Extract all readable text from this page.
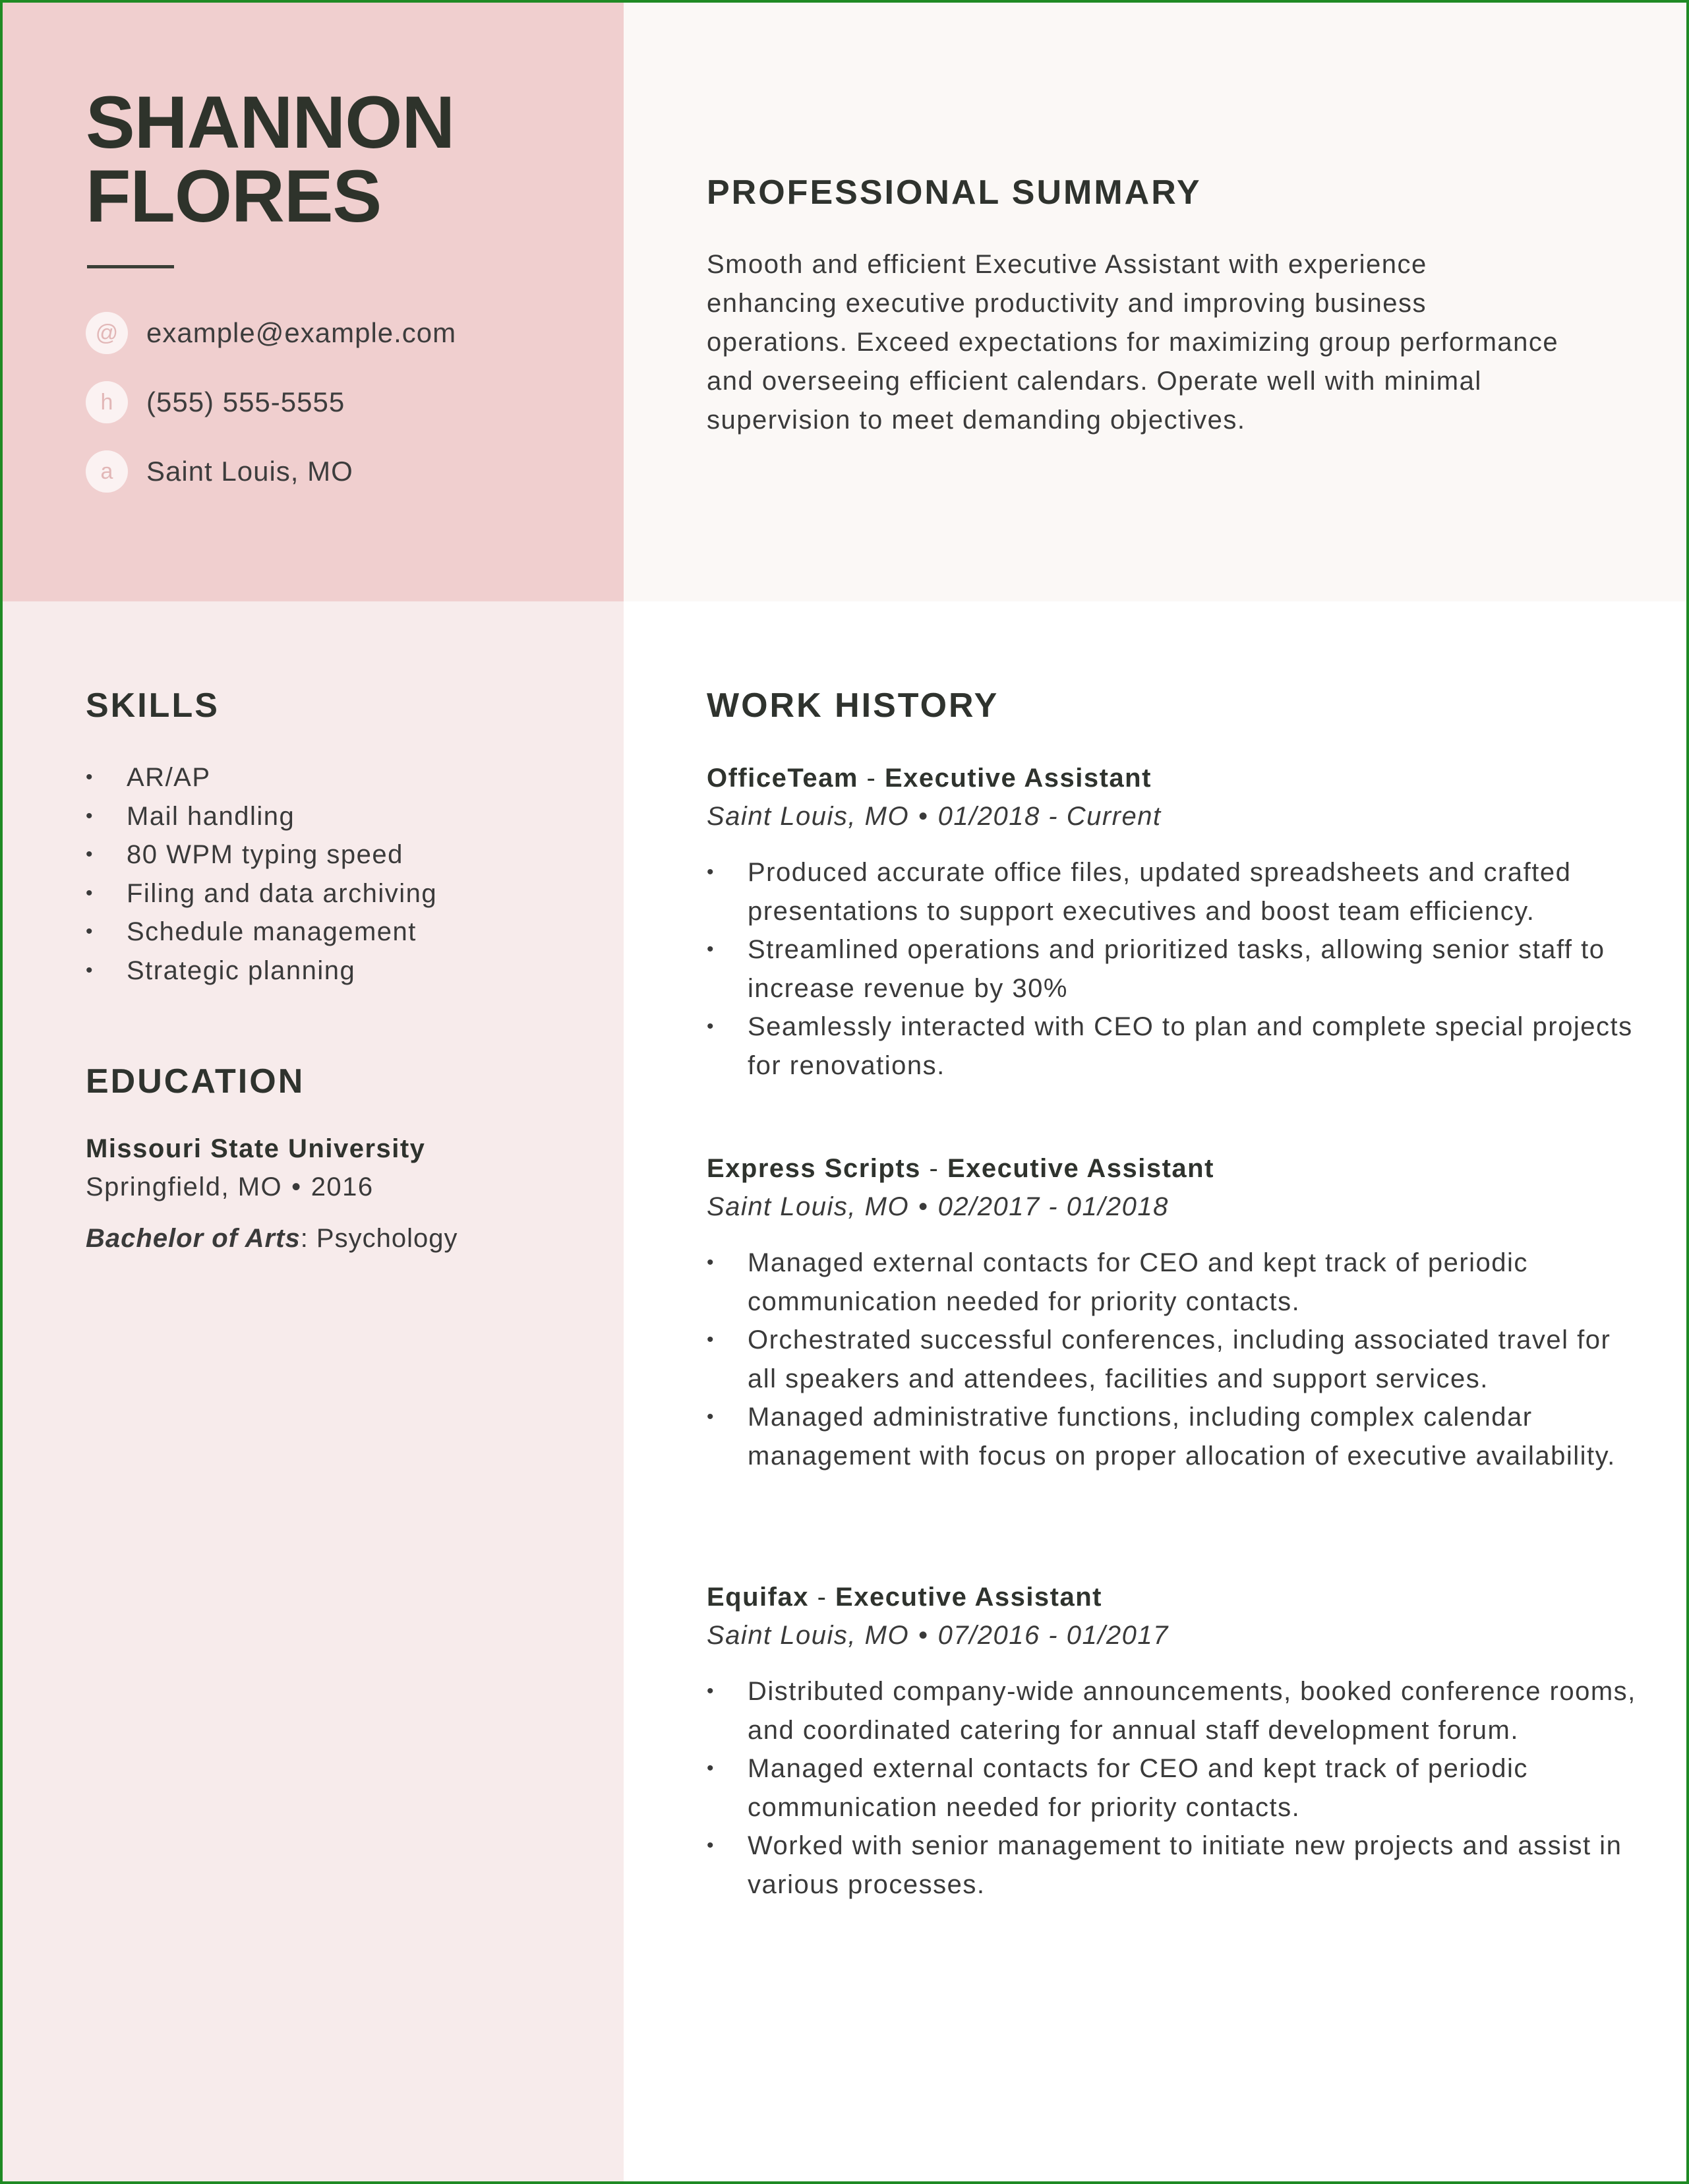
SHANNON
FLORES
@	example@example.com
h	(555) 555-5555
a	Saint Louis, MO
PROFESSIONAL SUMMARY

Smooth and efficient Executive Assistant with experience enhancing executive productivity and improving business operations. Exceed expectations for maximizing group performance and overseeing efficient calendars. Operate well with minimal supervision to meet demanding objectives.

SKILLS
• AR/AP
• Mail handling
• 80 WPM typing speed
• Filing and data archiving
• Schedule management
• Strategic planning
EDUCATION

Missouri State University

Springfield, MO • 2016

Bachelor of Arts: Psychology

WORK HISTORY

OfficeTeam - Executive Assistant

Saint Louis, MO • 01/2018 - Current

• Produced accurate office files, updated spreadsheets and crafted presentations to support executives and boost team efficiency.
• Streamlined operations and prioritized tasks, allowing senior staff to increase revenue by 30%
• Seamlessly interacted with CEO to plan and complete special projects for renovations.

Express Scripts - Executive Assistant

Saint Louis, MO • 02/2017 - 01/2018

• Managed external contacts for CEO and kept track of periodic communication needed for priority contacts.
• Orchestrated successful conferences, including associated travel for all speakers and attendees, facilities and support services.
• Managed administrative functions, including complex calendar management with focus on proper allocation of executive availability.

Equifax - Executive Assistant

Saint Louis, MO • 07/2016 - 01/2017

• Distributed company-wide announcements, booked conference rooms, and coordinated catering for annual staff development forum.
• Managed external contacts for CEO and kept track of periodic communication needed for priority contacts.
• Worked with senior management to initiate new projects and assist in various processes.
